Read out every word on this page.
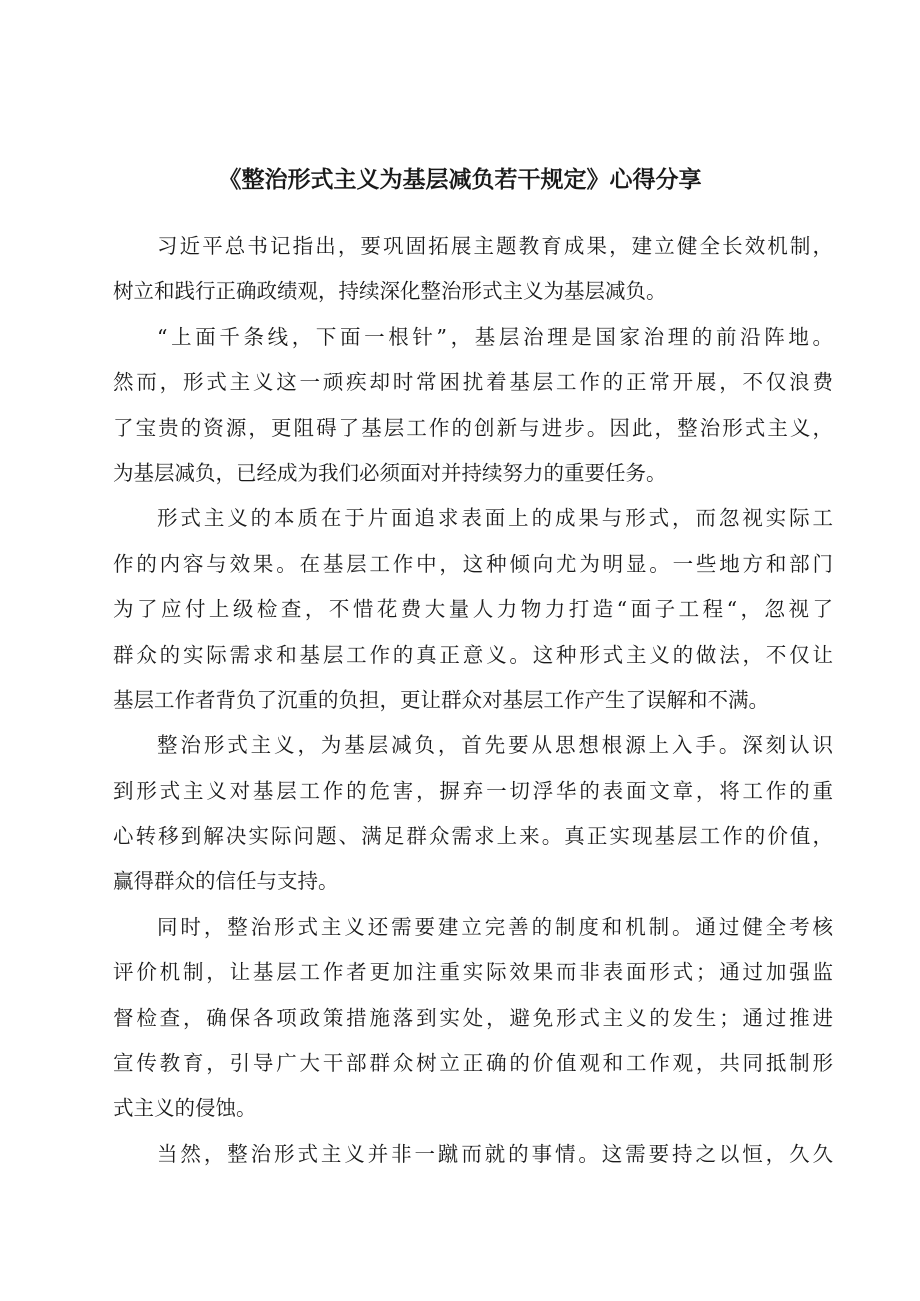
《整治形式主义为基层减负若干规定》心得分享
习近平总书记指出，要巩固拓展主题教育成果，建立健全长效机制，
树立和践行正确政绩观，持续深化整治形式主义为基层减负。
“上面千条线，下面一根针”，基层治理是国家治理的前沿阵地。
然而，形式主义这一顽疾却时常困扰着基层工作的正常开展，不仅浪费
了宝贵的资源，更阻碍了基层工作的创新与进步。因此，整治形式主义，
为基层减负，已经成为我们必须面对并持续努力的重要任务。
形式主义的本质在于片面追求表面上的成果与形式，而忽视实际工
作的内容与效果。在基层工作中，这种倾向尤为明显。一些地方和部门
为了应付上级检查，不惜花费大量人力物力打造“面子工程“，忽视了
群众的实际需求和基层工作的真正意义。这种形式主义的做法，不仅让
基层工作者背负了沉重的负担，更让群众对基层工作产生了误解和不满。
整治形式主义，为基层减负，首先要从思想根源上入手。深刻认识
到形式主义对基层工作的危害，摒弃一切浮华的表面文章，将工作的重
心转移到解决实际问题、满足群众需求上来。真正实现基层工作的价值，
赢得群众的信任与支持。
同时，整治形式主义还需要建立完善的制度和机制。通过健全考核
评价机制，让基层工作者更加注重实际效果而非表面形式；通过加强监
督检查，确保各项政策措施落到实处，避免形式主义的发生；通过推进
宣传教育，引导广大干部群众树立正确的价值观和工作观，共同抵制形
式主义的侵蚀。
当然，整治形式主义并非一蹴而就的事情。这需要持之以恒，久久
